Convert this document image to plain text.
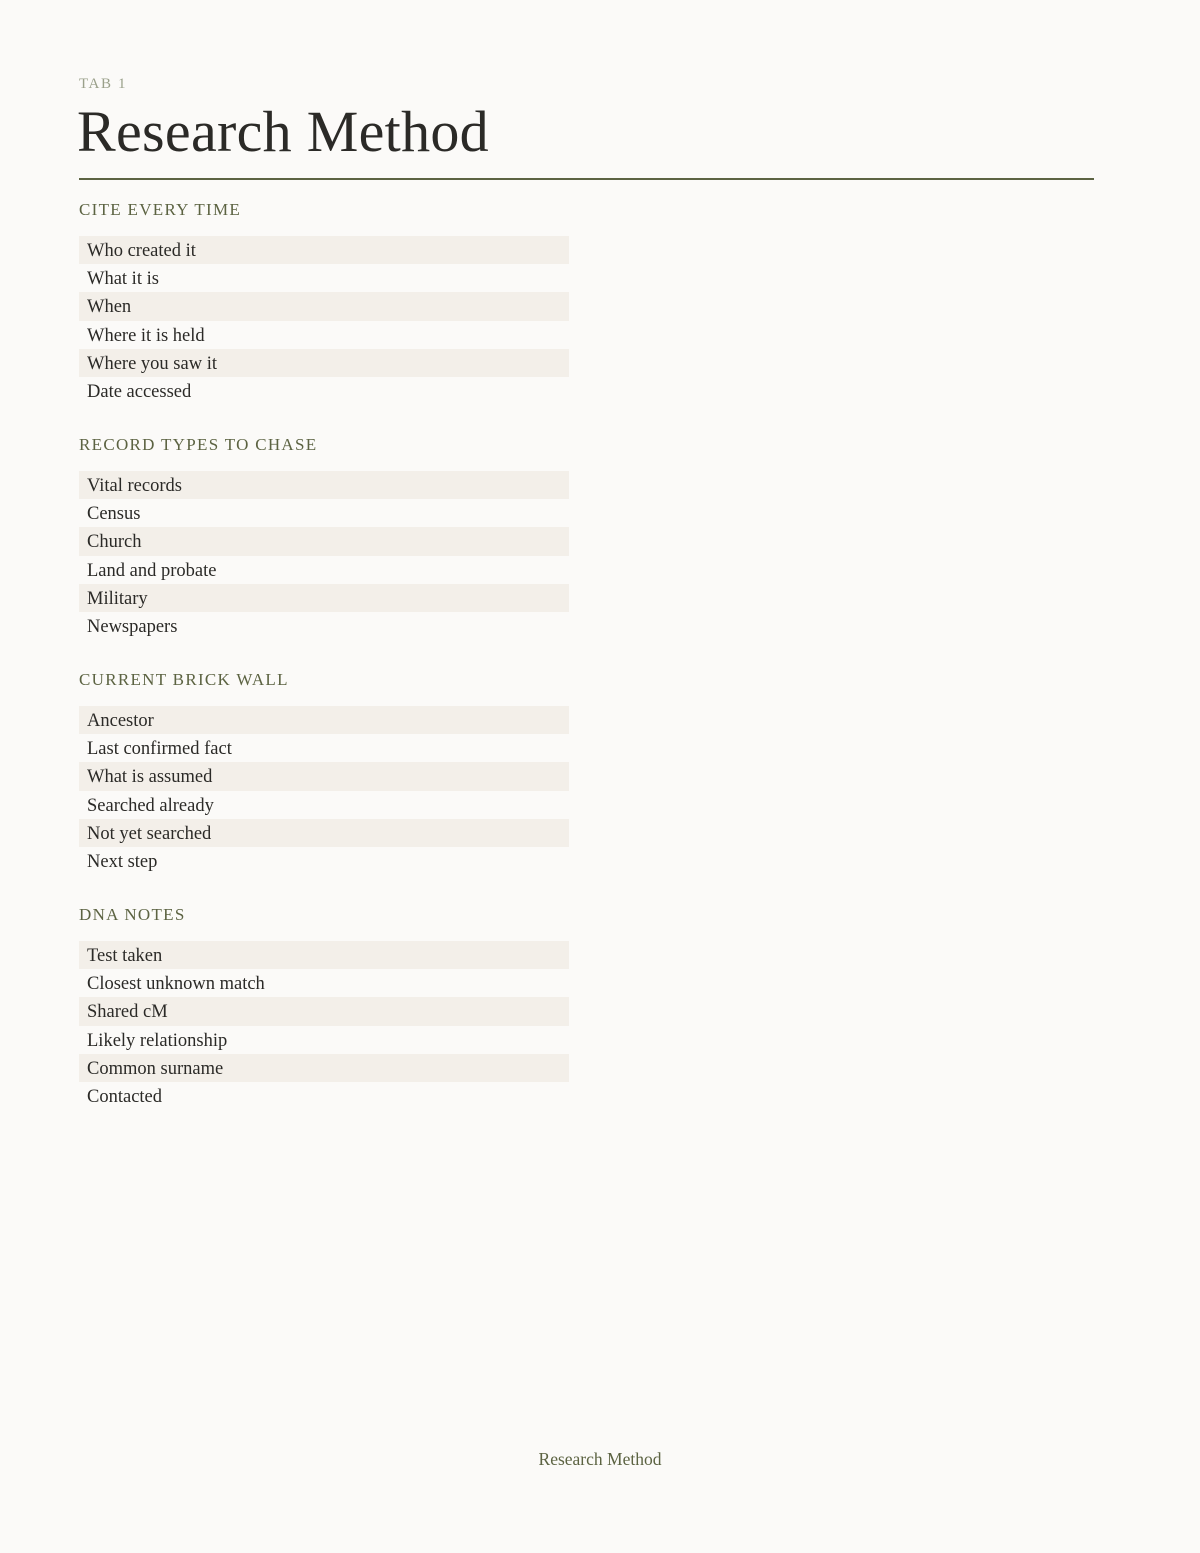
TAB 1
Research Method
CITE EVERY TIME
Who created it
What it is
When
Where it is held
Where you saw it
Date accessed
RECORD TYPES TO CHASE
Vital records
Census
Church
Land and probate
Military
Newspapers
CURRENT BRICK WALL
Ancestor
Last confirmed fact
What is assumed
Searched already
Not yet searched
Next step
DNA NOTES
Test taken
Closest unknown match
Shared cM
Likely relationship
Common surname
Contacted
Research Method
